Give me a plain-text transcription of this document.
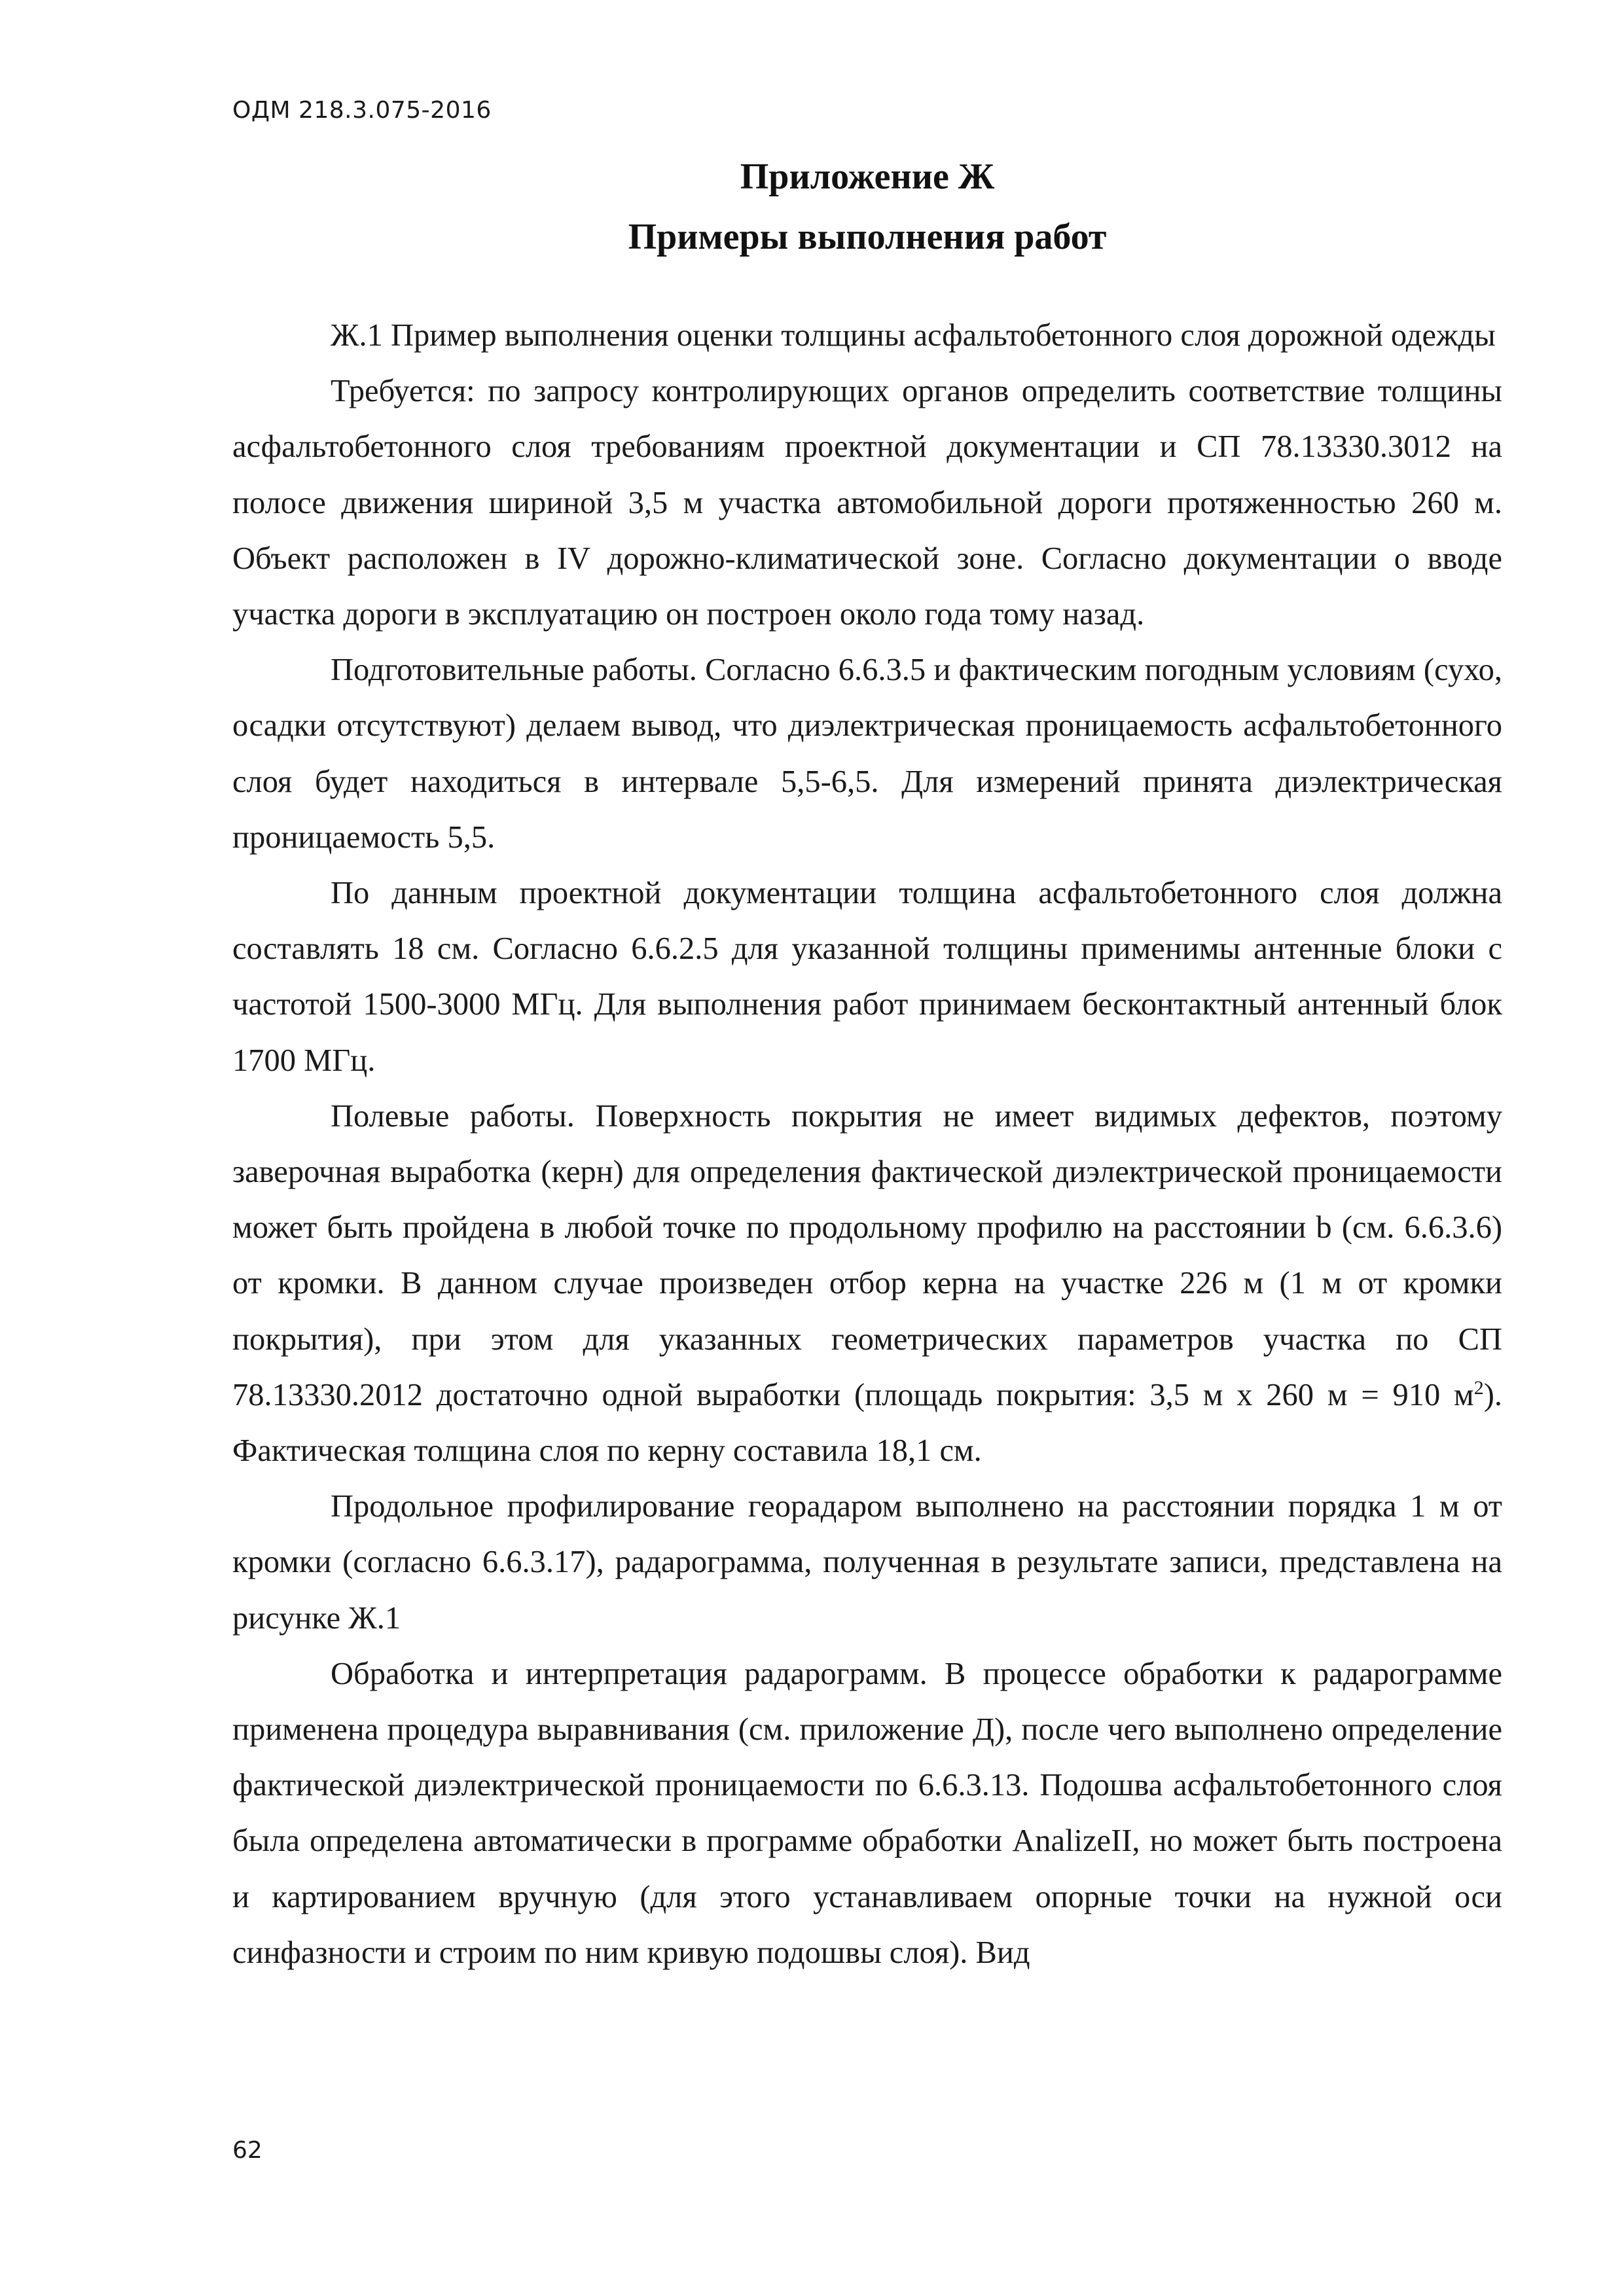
ОДМ 218.3.075-2016
Приложение Ж
Примеры выполнения работ

Ж.1 Пример выполнения оценки толщины асфальтобетонного слоя дорожной одежды

Требуется: по запросу контролирующих органов определить соответствие толщины асфальтобетонного слоя требованиям проектной документации и СП 78.13330.3012 на полосе движения шириной 3,5 м участка автомобильной дороги протяженностью 260 м. Объект расположен в IV дорожно-климатической зоне. Согласно документации о вводе участка дороги в эксплуатацию он построен около года тому назад.

Подготовительные работы. Согласно 6.6.3.5 и фактическим погодным условиям (сухо, осадки отсутствуют) делаем вывод, что диэлектрическая проницаемость асфальтобетонного слоя будет находиться в интервале 5,5-6,5. Для измерений принята диэлектрическая проницаемость 5,5.

По данным проектной документации толщина асфальтобетонного слоя должна составлять 18 см. Согласно 6.6.2.5 для указанной толщины применимы антенные блоки с частотой 1500-3000 МГц. Для выполнения работ принимаем бесконтактный антенный блок 1700 МГц.

Полевые работы. Поверхность покрытия не имеет видимых дефектов, поэтому заверочная выработка (керн) для определения фактической диэлектрической проницаемости может быть пройдена в любой точке по продольному профилю на расстоянии b (см. 6.6.3.6) от кромки. В данном случае произведен отбор керна на участке 226 м (1 м от кромки покрытия), при этом для указанных геометрических параметров участка по СП 78.13330.2012 достаточно одной выработки (площадь покрытия: 3,5 м х 260 м = 910 $м^2$). Фактическая толщина слоя по керну составила 18,1 см.

Продольное профилирование георадаром выполнено на расстоянии порядка 1 м от кромки (согласно 6.6.3.17), радарограмма, полученная в результате записи, представлена на рисунке Ж.1

Обработка и интерпретация радарограмм. В процессе обработки к радарограмме применена процедура выравнивания (см. приложение Д), после чего выполнено определение фактической диэлектрической проницаемости по 6.6.3.13. Подошва асфальтобетонного слоя была определена автоматически в программе обработки AnalizeII, но может быть построена и картированием вручную (для этого устанавливаем опорные точки на нужной оси синфазности и строим по ним кривую подошвы слоя). Вид

62
